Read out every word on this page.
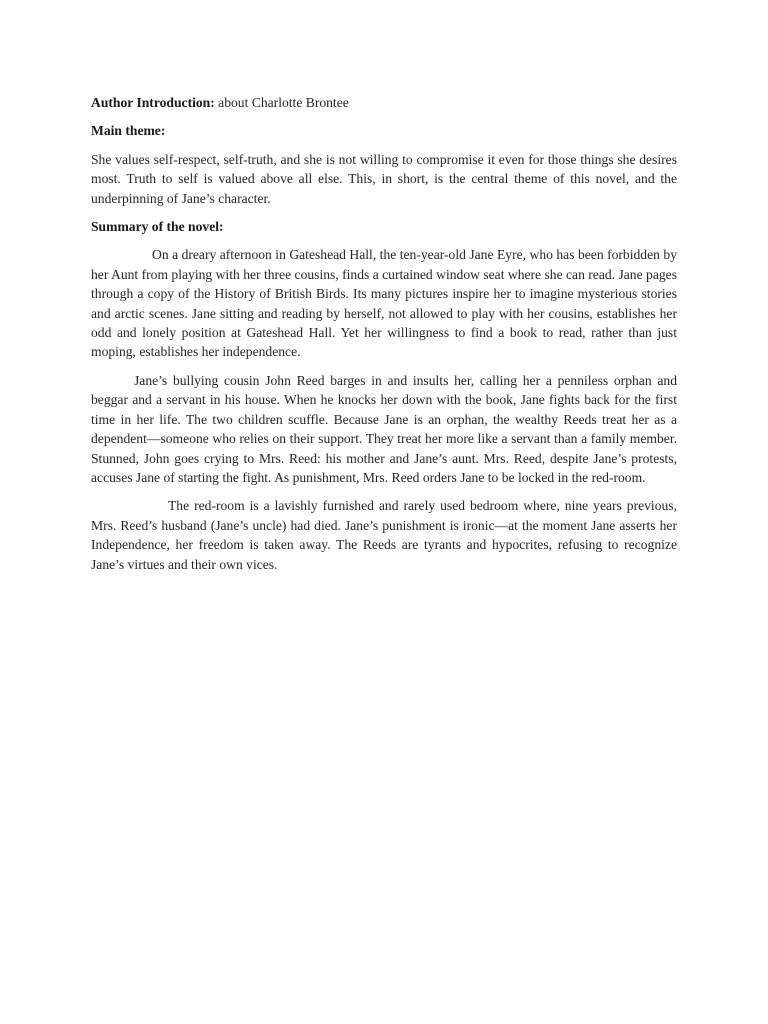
Author Introduction: about Charlotte Brontee

Main theme:

She values self-respect, self-truth, and she is not willing to compromise it even for those things she desires most. Truth to self is valued above all else. This, in short, is the central theme of this novel, and the underpinning of Jane’s character.

Summary of the novel:

On a dreary afternoon in Gateshead Hall, the ten-year-old Jane Eyre, who has been forbidden by her Aunt from playing with her three cousins, finds a curtained window seat where she can read. Jane pages through a copy of the History of British Birds. Its many pictures inspire her to imagine mysterious stories and arctic scenes. Jane sitting and reading by herself, not allowed to play with her cousins, establishes her odd and lonely position at Gateshead Hall. Yet her willingness to find a book to read, rather than just moping, establishes her independence.

Jane’s bullying cousin John Reed barges in and insults her, calling her a penniless orphan and beggar and a servant in his house. When he knocks her down with the book, Jane fights back for the first time in her life. The two children scuffle. Because Jane is an orphan, the wealthy Reeds treat her as a dependent—someone who relies on their support. They treat her more like a servant than a family member. Stunned, John goes crying to Mrs. Reed: his mother and Jane’s aunt. Mrs. Reed, despite Jane’s protests, accuses Jane of starting the fight. As punishment, Mrs. Reed orders Jane to be locked in the red-room.

The red-room is a lavishly furnished and rarely used bedroom where, nine years previous, Mrs. Reed’s husband (Jane’s uncle) had died. Jane’s punishment is ironic—at the moment Jane asserts her Independence, her freedom is taken away. The Reeds are tyrants and hypocrites, refusing to recognize Jane’s virtues and their own vices.
